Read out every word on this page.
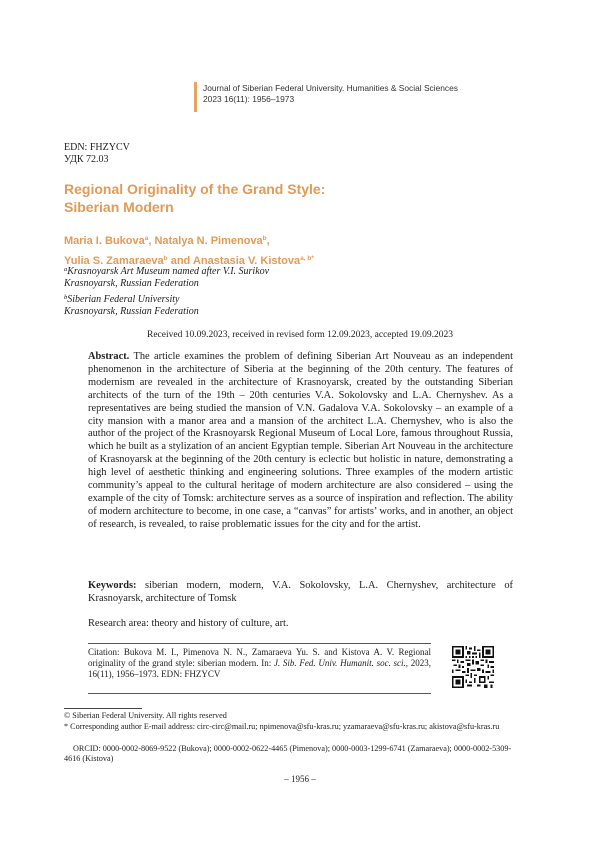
Journal of Siberian Federal University. Humanities & Social Sciences
2023 16(11): 1956–1973
EDN: FHZYCV
УДК 72.03
Regional Originality of the Grand Style:
Siberian Modern
Maria I. Bukova$^a$, Natalya N. Pimenova$^b$,
Yulia S. Zamaraeva$^b$ and Anastasia V. Kistova$^{a, b*}$
$^a$Krasnoyarsk Art Museum named after V.I. Surikov
Krasnoyarsk, Russian Federation
$^b$Siberian Federal University
Krasnoyarsk, Russian Federation
Received 10.09.2023, received in revised form 12.09.2023, accepted 19.09.2023
Abstract. The article examines the problem of defining Siberian Art Nouveau as an independent phenomenon in the architecture of Siberia at the beginning of the 20th century. The features of modernism are revealed in the architecture of Krasnoyarsk, created by the outstanding Siberian architects of the turn of the 19th – 20th centuries V.A. Sokolovsky and L.A. Chernyshev. As a representatives are being studied the mansion of V.N. Gadalova V.A. Sokolovsky – an example of a city mansion with a manor area and a mansion of the architect L.A. Chernyshev, who is also the author of the project of the Krasnoyarsk Regional Museum of Local Lore, famous throughout Russia, which he built as a stylization of an ancient Egyptian temple. Siberian Art Nouveau in the architecture of Krasnoyarsk at the beginning of the 20th century is eclectic but holistic in nature, demonstrating a high level of aesthetic thinking and engineering solutions. Three examples of the modern artistic community’s appeal to the cultural heritage of modern architecture are also considered – using the example of the city of Tomsk: architecture serves as a source of inspiration and reflection. The ability of modern architecture to become, in one case, a “canvas” for artists’ works, and in another, an object of research, is revealed, to raise problematic issues for the city and for the artist.
Keywords: siberian modern, modern, V.A. Sokolovsky, L.A. Chernyshev, architecture of Krasnoyarsk, architecture of Tomsk
Research area: theory and history of culture, art.
Citation: Bukova M. I., Pimenova N. N., Zamaraeva Yu. S. and Kistova A. V. Regional originality of the grand style: siberian modern. In: J. Sib. Fed. Univ. Humanit. soc. sci., 2023, 16(11), 1956–1973. EDN: FHZYCV
© Siberian Federal University. All rights reserved
* Corresponding author E-mail address: circ-circ@mail.ru; npimenova@sfu-kras.ru; yzamaraeva@sfu-kras.ru; akistova@sfu-kras.ru
ORCID: 0000-0002-8069-9522 (Bukova); 0000-0002-0622-4465 (Pimenova); 0000-0003-1299-6741 (Zamaraeva); 0000-0002-5309-4616 (Kistova)
– 1956 –
